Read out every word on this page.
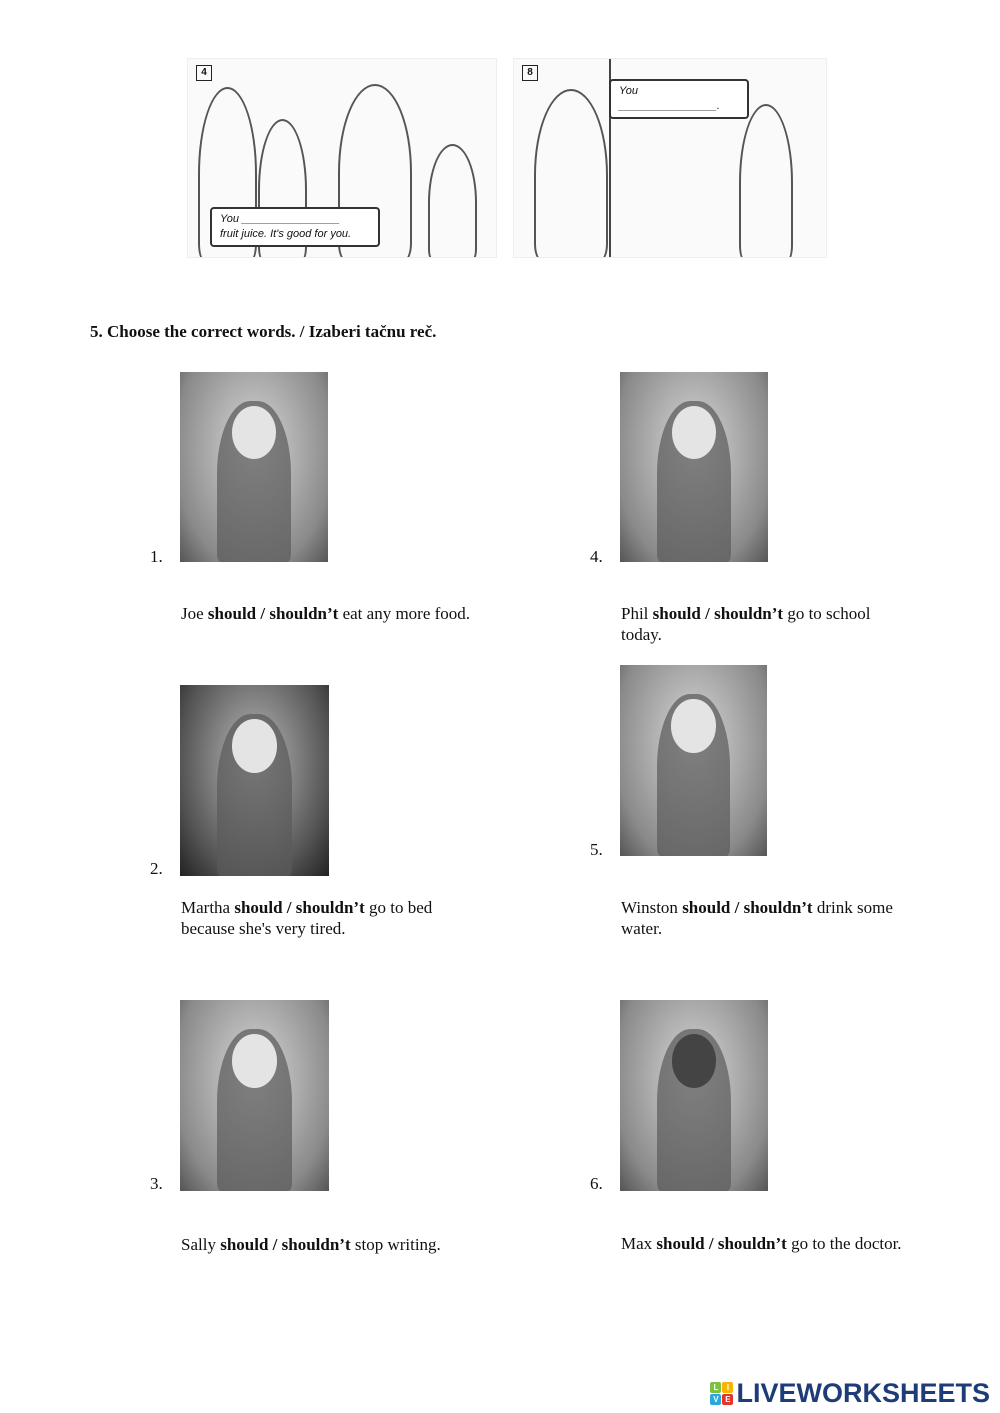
4
You ________________
fruit juice. It's good for you.
8
You ________________.
5. Choose the correct words. / Izaberi tačnu reč.
1.
Joe should / shouldn’t eat any more food.
4.
Phil should / shouldn’t go to school today.
2.
Martha should / shouldn’t go to bed because she's very tired.
5.
Winston should / shouldn’t drink some water.
3.
Sally should / shouldn’t stop writing.
6.
Max should / shouldn’t go to the doctor.
L	I
V E LIVEWORKSHEETS
